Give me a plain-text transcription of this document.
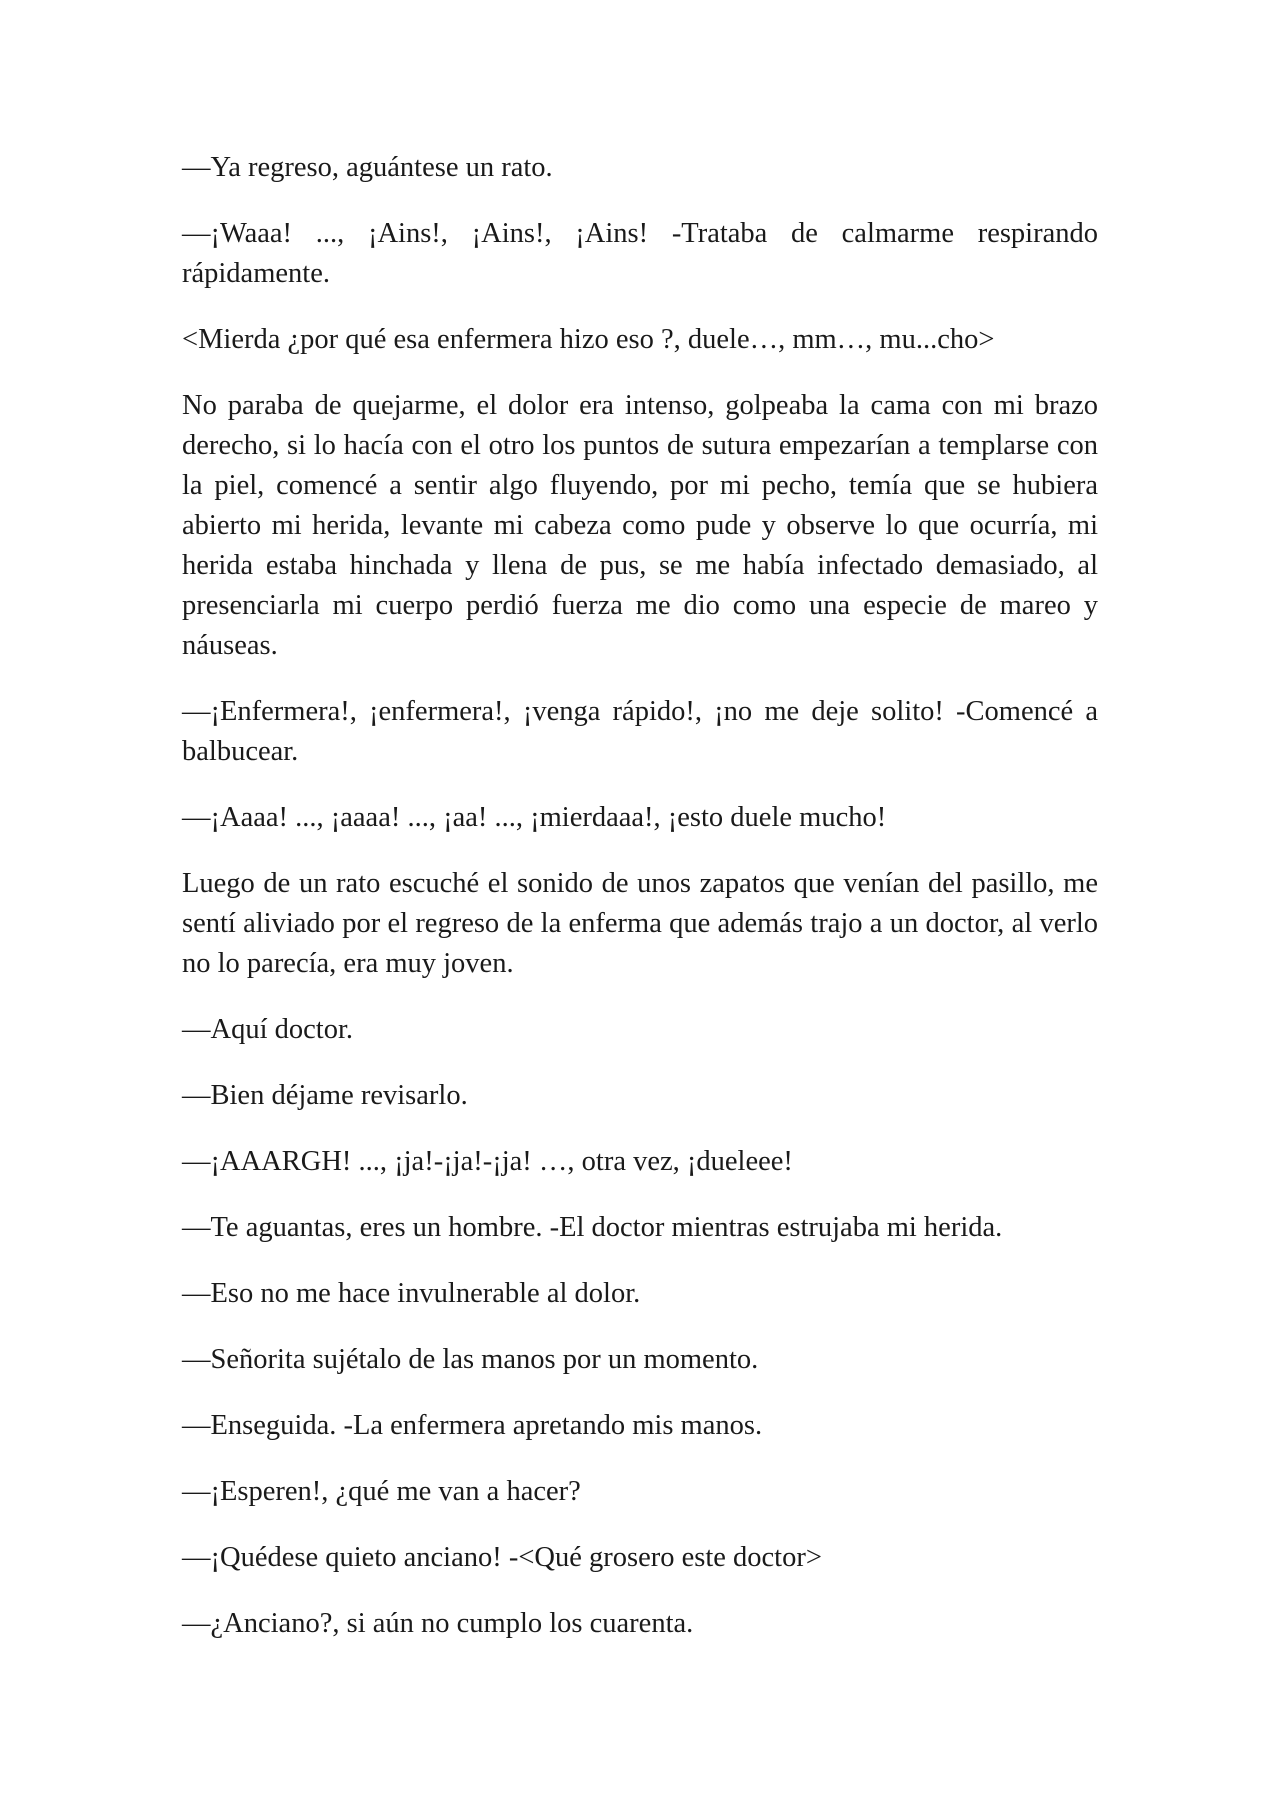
—Ya regreso, aguántese un rato.

—¡Waaa! ..., ¡Ains!, ¡Ains!, ¡Ains! -Trataba de calmarme respirando rápidamente.

<Mierda ¿por qué esa enfermera hizo eso ?, duele…, mm…, mu...cho>

No paraba de quejarme, el dolor era intenso, golpeaba la cama con mi brazo derecho, si lo hacía con el otro los puntos de sutura empezarían a templarse con la piel, comencé a sentir algo fluyendo, por mi pecho, temía que se hubiera abierto mi herida, levante mi cabeza como pude y observe lo que ocurría, mi herida estaba hinchada y llena de pus, se me había infectado demasiado, al presenciarla mi cuerpo perdió fuerza me dio como una especie de mareo y náuseas.

—¡Enfermera!, ¡enfermera!, ¡venga rápido!, ¡no me deje solito! -Comencé a balbucear.

—¡Aaaa! ..., ¡aaaa! ..., ¡aa! ..., ¡mierdaaa!, ¡esto duele mucho!

Luego de un rato escuché el sonido de unos zapatos que venían del pasillo, me sentí aliviado por el regreso de la enferma que además trajo a un doctor, al verlo no lo parecía, era muy joven.

—Aquí doctor.

—Bien déjame revisarlo.

—¡AAARGH! ..., ¡ja!-¡ja!-¡ja! …, otra vez, ¡dueleee!

—Te aguantas, eres un hombre. -El doctor mientras estrujaba mi herida.

—Eso no me hace invulnerable al dolor.

—Señorita sujétalo de las manos por un momento.

—Enseguida. -La enfermera apretando mis manos.

—¡Esperen!, ¿qué me van a hacer?

—¡Quédese quieto anciano! -<Qué grosero este doctor>

—¿Anciano?, si aún no cumplo los cuarenta.
